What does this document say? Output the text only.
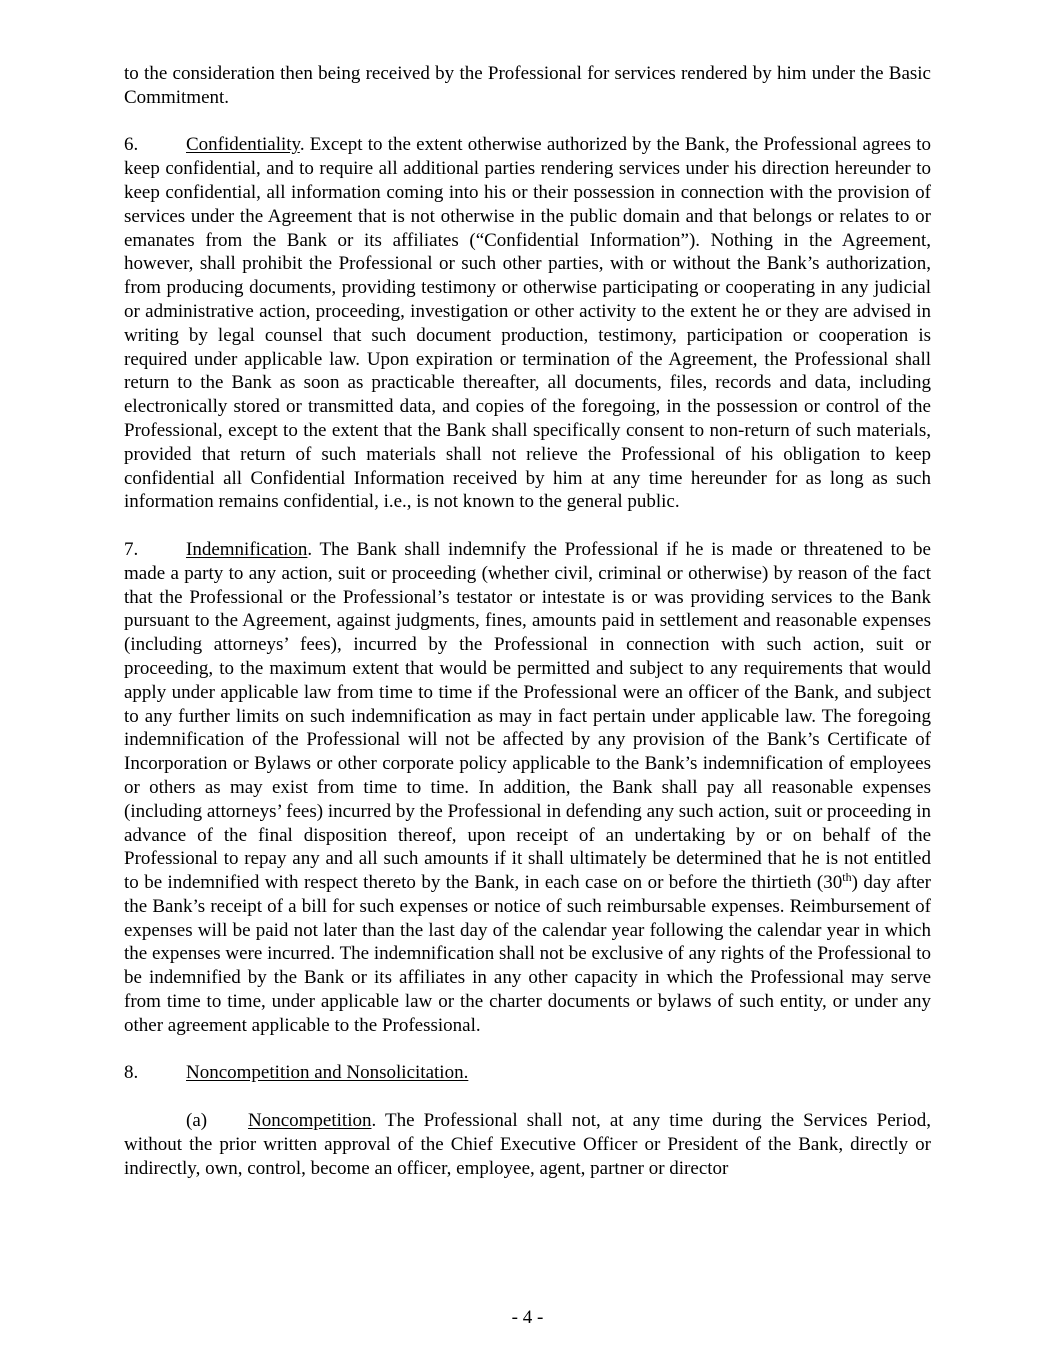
to the consideration then being received by the Professional for services rendered by him under the Basic Commitment.

6.	Confidentiality. Except to the extent otherwise authorized by the Bank, the Professional agrees to keep confidential, and to require all additional parties rendering services under his direction hereunder to keep confidential, all information coming into his or their possession in connection with the provision of services under the Agreement that is not otherwise in the public domain and that belongs or relates to or emanates from the Bank or its affiliates (“Confidential Information”). Nothing in the Agreement, however, shall prohibit the Professional or such other parties, with or without the Bank’s authorization, from producing documents, providing testimony or otherwise participating or cooperating in any judicial or administrative action, proceeding, investigation or other activity to the extent he or they are advised in writing by legal counsel that such document production, testimony, participation or cooperation is required under applicable law. Upon expiration or termination of the Agreement, the Professional shall return to the Bank as soon as practicable thereafter, all documents, files, records and data, including electronically stored or transmitted data, and copies of the foregoing, in the possession or control of the Professional, except to the extent that the Bank shall specifically consent to non-return of such materials, provided that return of such materials shall not relieve the Professional of his obligation to keep confidential all Confidential Information received by him at any time hereunder for as long as such information remains confidential, i.e., is not known to the general public.

7.	Indemnification. The Bank shall indemnify the Professional if he is made or threatened to be made a party to any action, suit or proceeding (whether civil, criminal or otherwise) by reason of the fact that the Professional or the Professional’s testator or intestate is or was providing services to the Bank pursuant to the Agreement, against judgments, fines, amounts paid in settlement and reasonable expenses (including attorneys’ fees), incurred by the Professional in connection with such action, suit or proceeding, to the maximum extent that would be permitted and subject to any requirements that would apply under applicable law from time to time if the Professional were an officer of the Bank, and subject to any further limits on such indemnification as may in fact pertain under applicable law. The foregoing indemnification of the Professional will not be affected by any provision of the Bank’s Certificate of Incorporation or Bylaws or other corporate policy applicable to the Bank’s indemnification of employees or others as may exist from time to time. In addition, the Bank shall pay all reasonable expenses (including attorneys’ fees) incurred by the Professional in defending any such action, suit or proceeding in advance of the final disposition thereof, upon receipt of an undertaking by or on behalf of the Professional to repay any and all such amounts if it shall ultimately be determined that he is not entitled to be indemnified with respect thereto by the Bank, in each case on or before the thirtieth (30th) day after the Bank’s receipt of a bill for such expenses or notice of such reimbursable expenses. Reimbursement of expenses will be paid not later than the last day of the calendar year following the calendar year in which the expenses were incurred. The indemnification shall not be exclusive of any rights of the Professional to be indemnified by the Bank or its affiliates in any other capacity in which the Professional may serve from time to time, under applicable law or the charter documents or bylaws of such entity, or under any other agreement applicable to the Professional.

8.	Noncompetition and Nonsolicitation.

(a) Noncompetition. The Professional shall not, at any time during the Services Period, without the prior written approval of the Chief Executive Officer or President of the Bank, directly or indirectly, own, control, become an officer, employee, agent, partner or director

- 4 -
